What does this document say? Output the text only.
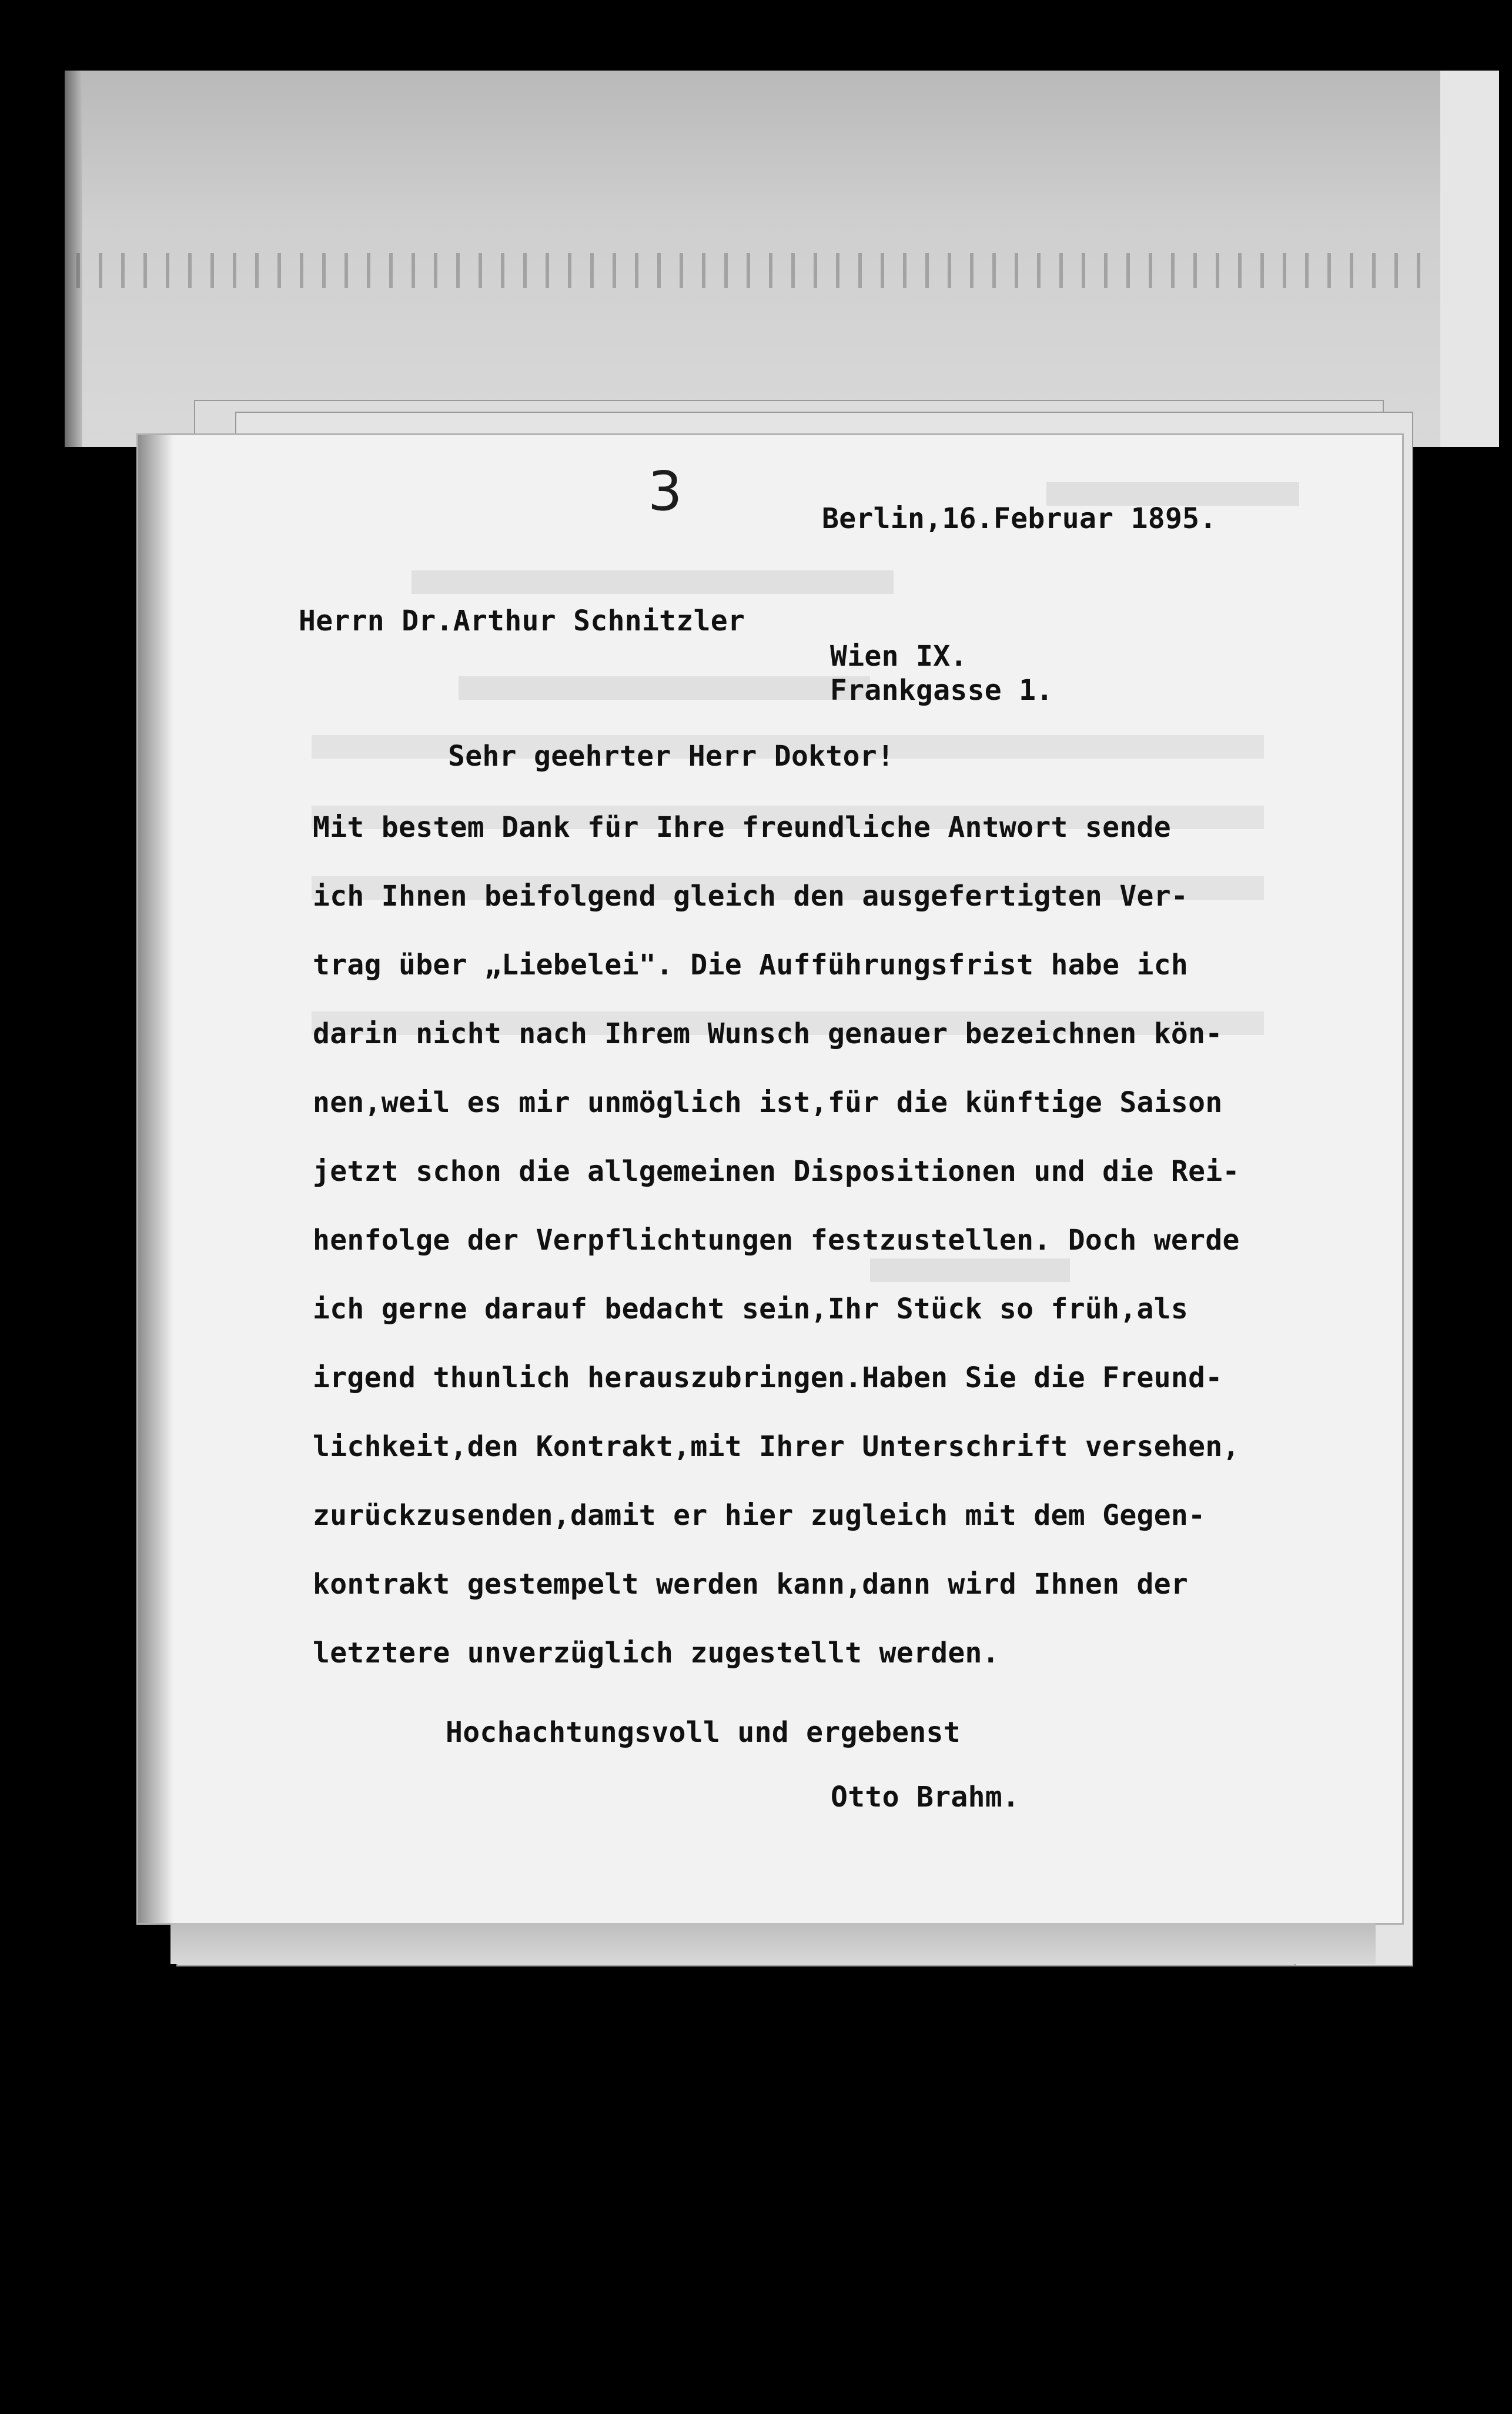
3	Berlin,16.Februar 1895.
Herrn Dr.Arthur Schnitzler
Wien IX.
Frankgasse 1.
Sehr geehrter Herr Doktor!
Mit bestem Dank für Ihre freundliche Antwort sende
ich Ihnen beifolgend gleich den ausgefertigten Ver-
trag über „Liebelei". Die Aufführungsfrist habe ich
darin nicht nach Ihrem Wunsch genauer bezeichnen kön-
nen,weil es mir unmöglich ist,für die künftige Saison
jetzt schon die allgemeinen Dispositionen und die Rei-
henfolge der Verpflichtungen festzustellen. Doch werde
ich gerne darauf bedacht sein,Ihr Stück so früh,als
irgend thunlich herauszubringen.Haben Sie die Freund-
lichkeit,den Kontrakt,mit Ihrer Unterschrift versehen,
zurückzusenden,damit er hier zugleich mit dem Gegen-
kontrakt gestempelt werden kann,dann wird Ihnen der
letztere unverzüglich zugestellt werden.
Hochachtungsvoll und ergebenst
Otto Brahm.
